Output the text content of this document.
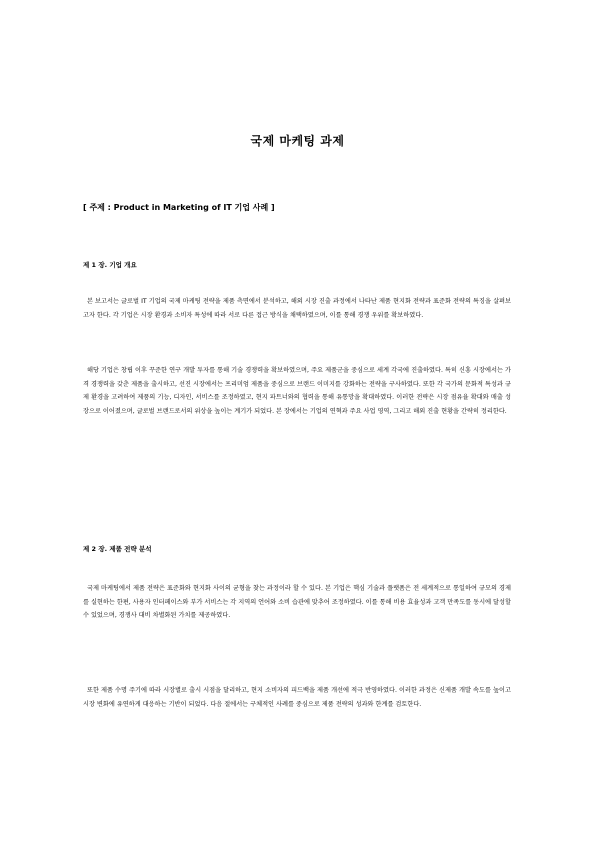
국제 마케팅 과제
[ 주제 : Product in Marketing of IT 기업 사례 ]
제 1 장. 기업 개요

본 보고서는 글로벌 IT 기업의 국제 마케팅 전략을 제품 측면에서 분석하고, 해외 시장 진출 과정에서 나타난 제품 현지화 전략과 표준화 전략의 특징을 살펴보고자 한다. 각 기업은 시장 환경과 소비자 특성에 따라 서로 다른 접근 방식을 채택하였으며, 이를 통해 경쟁 우위를 확보하였다.

해당 기업은 창립 이후 꾸준한 연구 개발 투자를 통해 기술 경쟁력을 확보하였으며, 주요 제품군을 중심으로 세계 각국에 진출하였다. 특히 신흥 시장에서는 가격 경쟁력을 갖춘 제품을 출시하고, 선진 시장에서는 프리미엄 제품을 중심으로 브랜드 이미지를 강화하는 전략을 구사하였다. 또한 각 국가의 문화적 특성과 규제 환경을 고려하여 제품의 기능, 디자인, 서비스를 조정하였고, 현지 파트너와의 협력을 통해 유통망을 확대하였다. 이러한 전략은 시장 점유율 확대와 매출 성장으로 이어졌으며, 글로벌 브랜드로서의 위상을 높이는 계기가 되었다. 본 장에서는 기업의 연혁과 주요 사업 영역, 그리고 해외 진출 현황을 간략히 정리한다.

제 2 장. 제품 전략 분석

국제 마케팅에서 제품 전략은 표준화와 현지화 사이의 균형을 찾는 과정이라 할 수 있다. 본 기업은 핵심 기술과 플랫폼은 전 세계적으로 통일하여 규모의 경제를 실현하는 한편, 사용자 인터페이스와 부가 서비스는 각 지역의 언어와 소비 습관에 맞추어 조정하였다. 이를 통해 비용 효율성과 고객 만족도를 동시에 달성할 수 있었으며, 경쟁사 대비 차별화된 가치를 제공하였다.

또한 제품 수명 주기에 따라 시장별로 출시 시점을 달리하고, 현지 소비자의 피드백을 제품 개선에 적극 반영하였다. 이러한 과정은 신제품 개발 속도를 높이고 시장 변화에 유연하게 대응하는 기반이 되었다. 다음 절에서는 구체적인 사례를 중심으로 제품 전략의 성과와 한계를 검토한다.
